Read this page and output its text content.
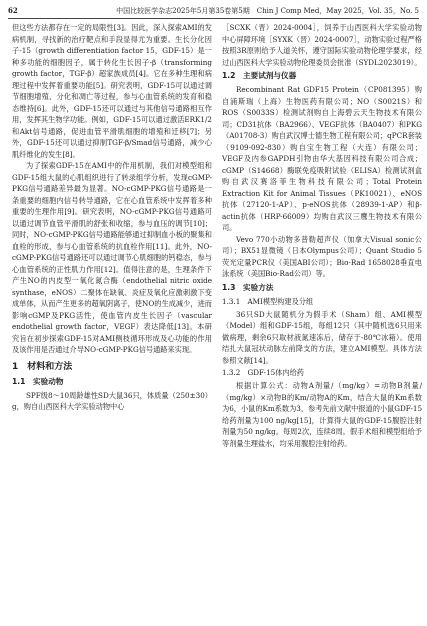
62	中国比较医学杂志2025年5月第35卷第5期　Chin J Comp Med，May 2025，Vol. 35，No. 5

但这些方法都存在一定的局限性[3]。因此，深入探索AMI的发病机制，寻找新的治疗靶点和手段显得尤为重要。生长分化因子-15（growth differentiation factor 15，GDF-15）是一种多功能的细胞因子，属于转化生长因子-β（transforming growth factor，TGF-β）超家族成员[4]。它在多种生理和病理过程中发挥着重要功能[5]。研究表明，GDF-15可以通过调节细胞增殖、分化和凋亡等过程，参与心血管系统的发育和稳态维持[6]。此外，GDF-15还可以通过与其他信号通路相互作用，发挥其生物学功能。例如，GDF-15可以通过激活ERK1/2和Akt信号通路，促进血管平滑肌细胞的增殖和迁移[7]；另外，GDF-15还可以通过抑制TGF-β/Smad信号通路，减少心肌纤维化的发生[8]。

为了探索GDF-15在AMI中的作用机制，我们对模型组和GDF-15组大鼠的心肌组织进行了转录组学分析，发现cGMP-PKG信号通路差异最为显著。NO-cGMP-PKG信号通路是一条重要的细胞内信号转导通路，它在心血管系统中发挥着多种重要的生理作用[9]。研究表明，NO-cGMP-PKG信号通路可以通过调节血管平滑肌的舒张和收缩，参与血压的调节[10]；同时，NO-cGMP-PKG信号通路能够通过抑制血小板的聚集和血栓的形成，参与心血管系统的抗血栓作用[11]。此外，NO-cGMP-PKG信号通路还可以通过调节心肌细胞的钙稳态，参与心血管系统的正性肌力作用[12]。值得注意的是，生理条件下产生NO的内皮型一氧化氮合酶（endothelial nitric oxide synthase，eNOS）二聚体在缺氧、炎症及氧化应激刺激下变成单体，从而产生更多的超氧阴离子，使NO的生成减少，进而影响cGMP及PKG活性，使血管内皮生长因子（vascular endothelial growth factor，VEGF）表达降低[13]。本研究旨在初步探索GDF-15对AMI侧枝循环形成及心功能的作用及该作用是否通过介导NO-cGMP-PKG信号通路来实现。

1　材料和方法
1.1　实验动物

SPF级8～10周龄雄性SD大鼠36只，体质量（250±30）g，购自山西医科大学实验动物中心

［SCXK（晋）2024-0004］，饲养于山西医科大学实验动物中心屏障环境［SYXK（晋）2024-0007］，动物实验过程严格按照3R原则给予人道关怀，遵守国际实验动物伦理学要求，经过山西医科大学实验动物伦理委员会批准（SYDL2023019）。

1.2　主要试剂与仪器

Recombinant Rat GDF15 Protein（CP081395）购自浦斯瑞（上海）生物医药有限公司；NO（S0021S）和ROS（S0033S）检测试剂购自上海碧云天生物技术有限公司；CD31抗体（BA2966）、VEGF抗体（BA0407）和PKG（A01708-3）购自武汉博士德生物工程有限公司；qPCR套装（9109-092-830）购自宝生物工程（大连）有限公司；VEGF及内参GAPDH引物由华大基因科技有限公司合成；cGMP（S14668）酶联免疫吸附试验（ELISA）检测试剂盒购自武汉赛洛菲生物科技有限公司；Total Protein Extraction Kit for Animal Tissues（PK10021）、eNOS抗体（27120-1-AP）、p-eNOS抗体（28939-1-AP）和β-actin抗体（HRP-66009）均购自武汉三鹰生物技术有限公司。

Vevo 770小动物多普勒超声仪（加拿大Visual sonic公司）；BX51显微镜（日本Olympus公司）；Quant Studio 5荧光定量PCR仪（美国ABI公司）；Bio-Rad 1658028垂直电泳系统（美国Bio-Rad公司）等。

1.3　实验方法
1.3.1　AMI模型构建及分组

36只SD大鼠随机分为假手术（Sham）组、AMI模型（Model）组和GDF-15组，每组12只（其中随机选6只用来做病理，剩余6只取材液氮速冻后，储存于-80℃冰箱）。使用结扎大鼠冠状动脉左前降支的方法，建立AMI模型。具体方法参照文献[14]。

1.3.2　GDF-15体内给药

根据计算公式：动物A剂量/（mg/kg）=动物B剂量/（mg/kg）×动物B的Km/动物A的Km，结合大鼠的Km系数为6，小鼠的Km系数为3，参考先前文献中报道的小鼠GDF-15给药剂量为100 ng/kg[15]，计算得大鼠的GDF-15腹腔注射剂量为50 ng/kg。每周2次，连续8周。假手术组和模型组给予等剂量生理盐水，均采用腹腔注射给药。
